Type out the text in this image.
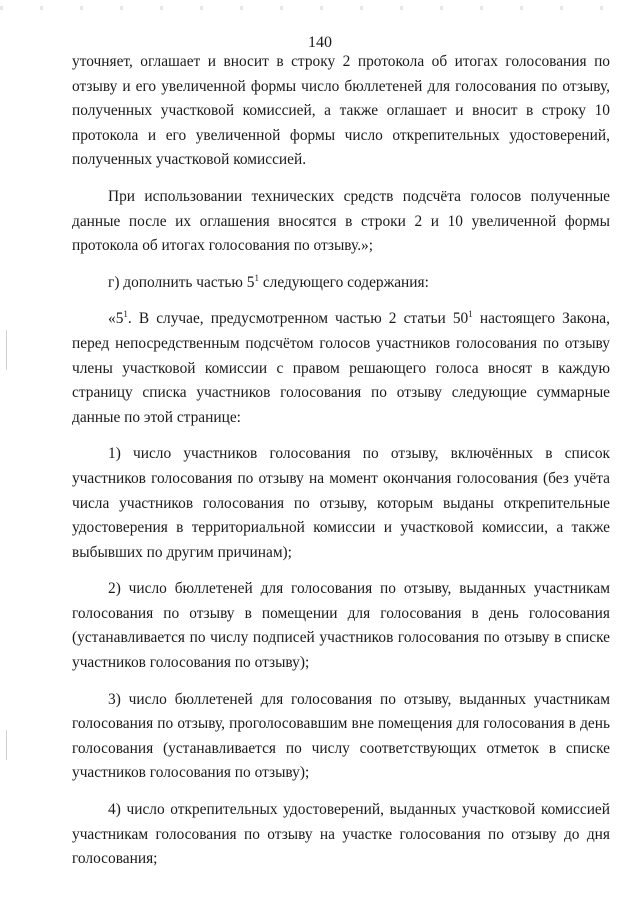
140

уточняет, оглашает и вносит в строку 2 протокола об итогах голосования по отзыву и его увеличенной формы число бюллетеней для голосования по отзыву, полученных участковой комиссией, а также оглашает и вносит в строку 10 протокола и его увеличенной формы число открепительных удостоверений, полученных участковой комиссией.

При использовании технических средств подсчёта голосов полученные данные после их оглашения вносятся в строки 2 и 10 увеличенной формы протокола об итогах голосования по отзыву.»;

г) дополнить частью $5^1$ следующего содержания:

«$5^1$. В случае, предусмотренном частью 2 статьи $50^1$ настоящего Закона, перед непосредственным подсчётом голосов участников голосования по отзыву члены участковой комиссии с правом решающего голоса вносят в каждую страницу списка участников голосования по отзыву следующие суммарные данные по этой странице:

1) число участников голосования по отзыву, включённых в список участников голосования по отзыву на момент окончания голосования (без учёта числа участников голосования по отзыву, которым выданы открепительные удостоверения в территориальной комиссии и участковой комиссии, а также выбывших по другим причинам);

2) число бюллетеней для голосования по отзыву, выданных участникам голосования по отзыву в помещении для голосования в день голосования (устанавливается по числу подписей участников голосования по отзыву в списке участников голосования по отзыву);

3) число бюллетеней для голосования по отзыву, выданных участникам голосования по отзыву, проголосовавшим вне помещения для голосования в день голосования (устанавливается по числу соответствующих отметок в списке участников голосования по отзыву);

4) число открепительных удостоверений, выданных участковой комиссией участникам голосования по отзыву на участке голосования по отзыву до дня голосования;
